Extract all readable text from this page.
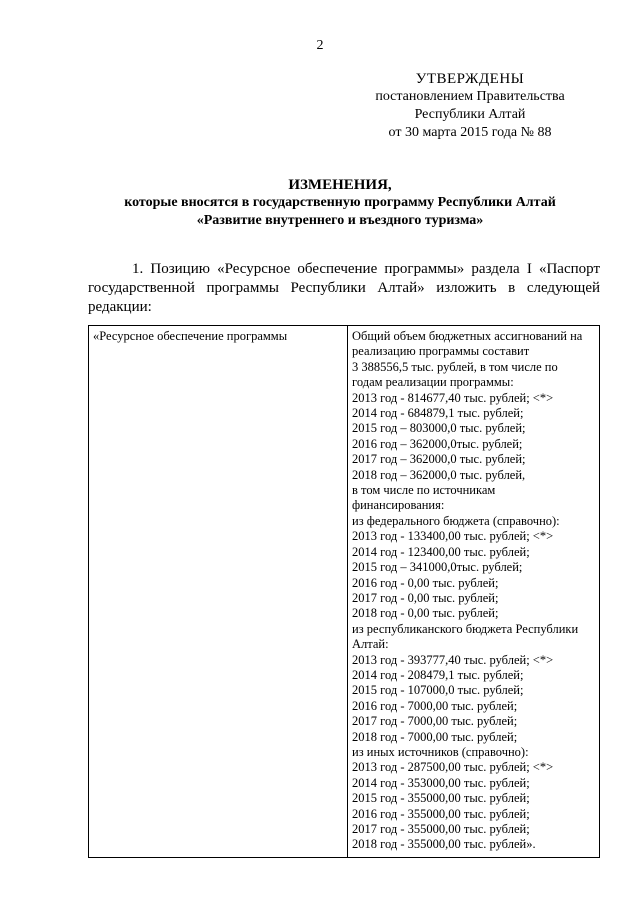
2
УТВЕРЖДЕНЫ
постановлением Правительства
Республики Алтай
от 30 марта 2015 года № 88
ИЗМЕНЕНИЯ,
которые вносятся в государственную программу Республики Алтай
«Развитие внутреннего и въездного туризма»
1. Позицию «Ресурсное обеспечение программы» раздела I «Паспорт государственной программы Республики Алтай» изложить в следующей редакции:
«Ресурсное обеспечение программы	Общий объем бюджетных ассигнований на
реализацию программы составит
3 388556,5 тыс. рублей, в том числе по
годам реализации программы:
2013 год - 814677,40 тыс. рублей; <*>
2014 год - 684879,1 тыс. рублей;
2015 год – 803000,0 тыс. рублей;
2016 год – 362000,0тыс. рублей;
2017 год – 362000,0 тыс. рублей;
2018 год – 362000,0 тыс. рублей,
в том числе по источникам
финансирования:
из федерального бюджета (справочно):
2013 год - 133400,00 тыс. рублей; <*>
2014 год - 123400,00 тыс. рублей;
2015 год – 341000,0тыс. рублей;
2016 год - 0,00 тыс. рублей;
2017 год - 0,00 тыс. рублей;
2018 год - 0,00 тыс. рублей;
из республиканского бюджета Республики
Алтай:
2013 год - 393777,40 тыс. рублей; <*>
2014 год - 208479,1 тыс. рублей;
2015 год - 107000,0 тыс. рублей;
2016 год - 7000,00 тыс. рублей;
2017 год - 7000,00 тыс. рублей;
2018 год - 7000,00 тыс. рублей;
из иных источников (справочно):
2013 год - 287500,00 тыс. рублей; <*>
2014 год - 353000,00 тыс. рублей;
2015 год - 355000,00 тыс. рублей;
2016 год - 355000,00 тыс. рублей;
2017 год - 355000,00 тыс. рублей;
2018 год - 355000,00 тыс. рублей».
